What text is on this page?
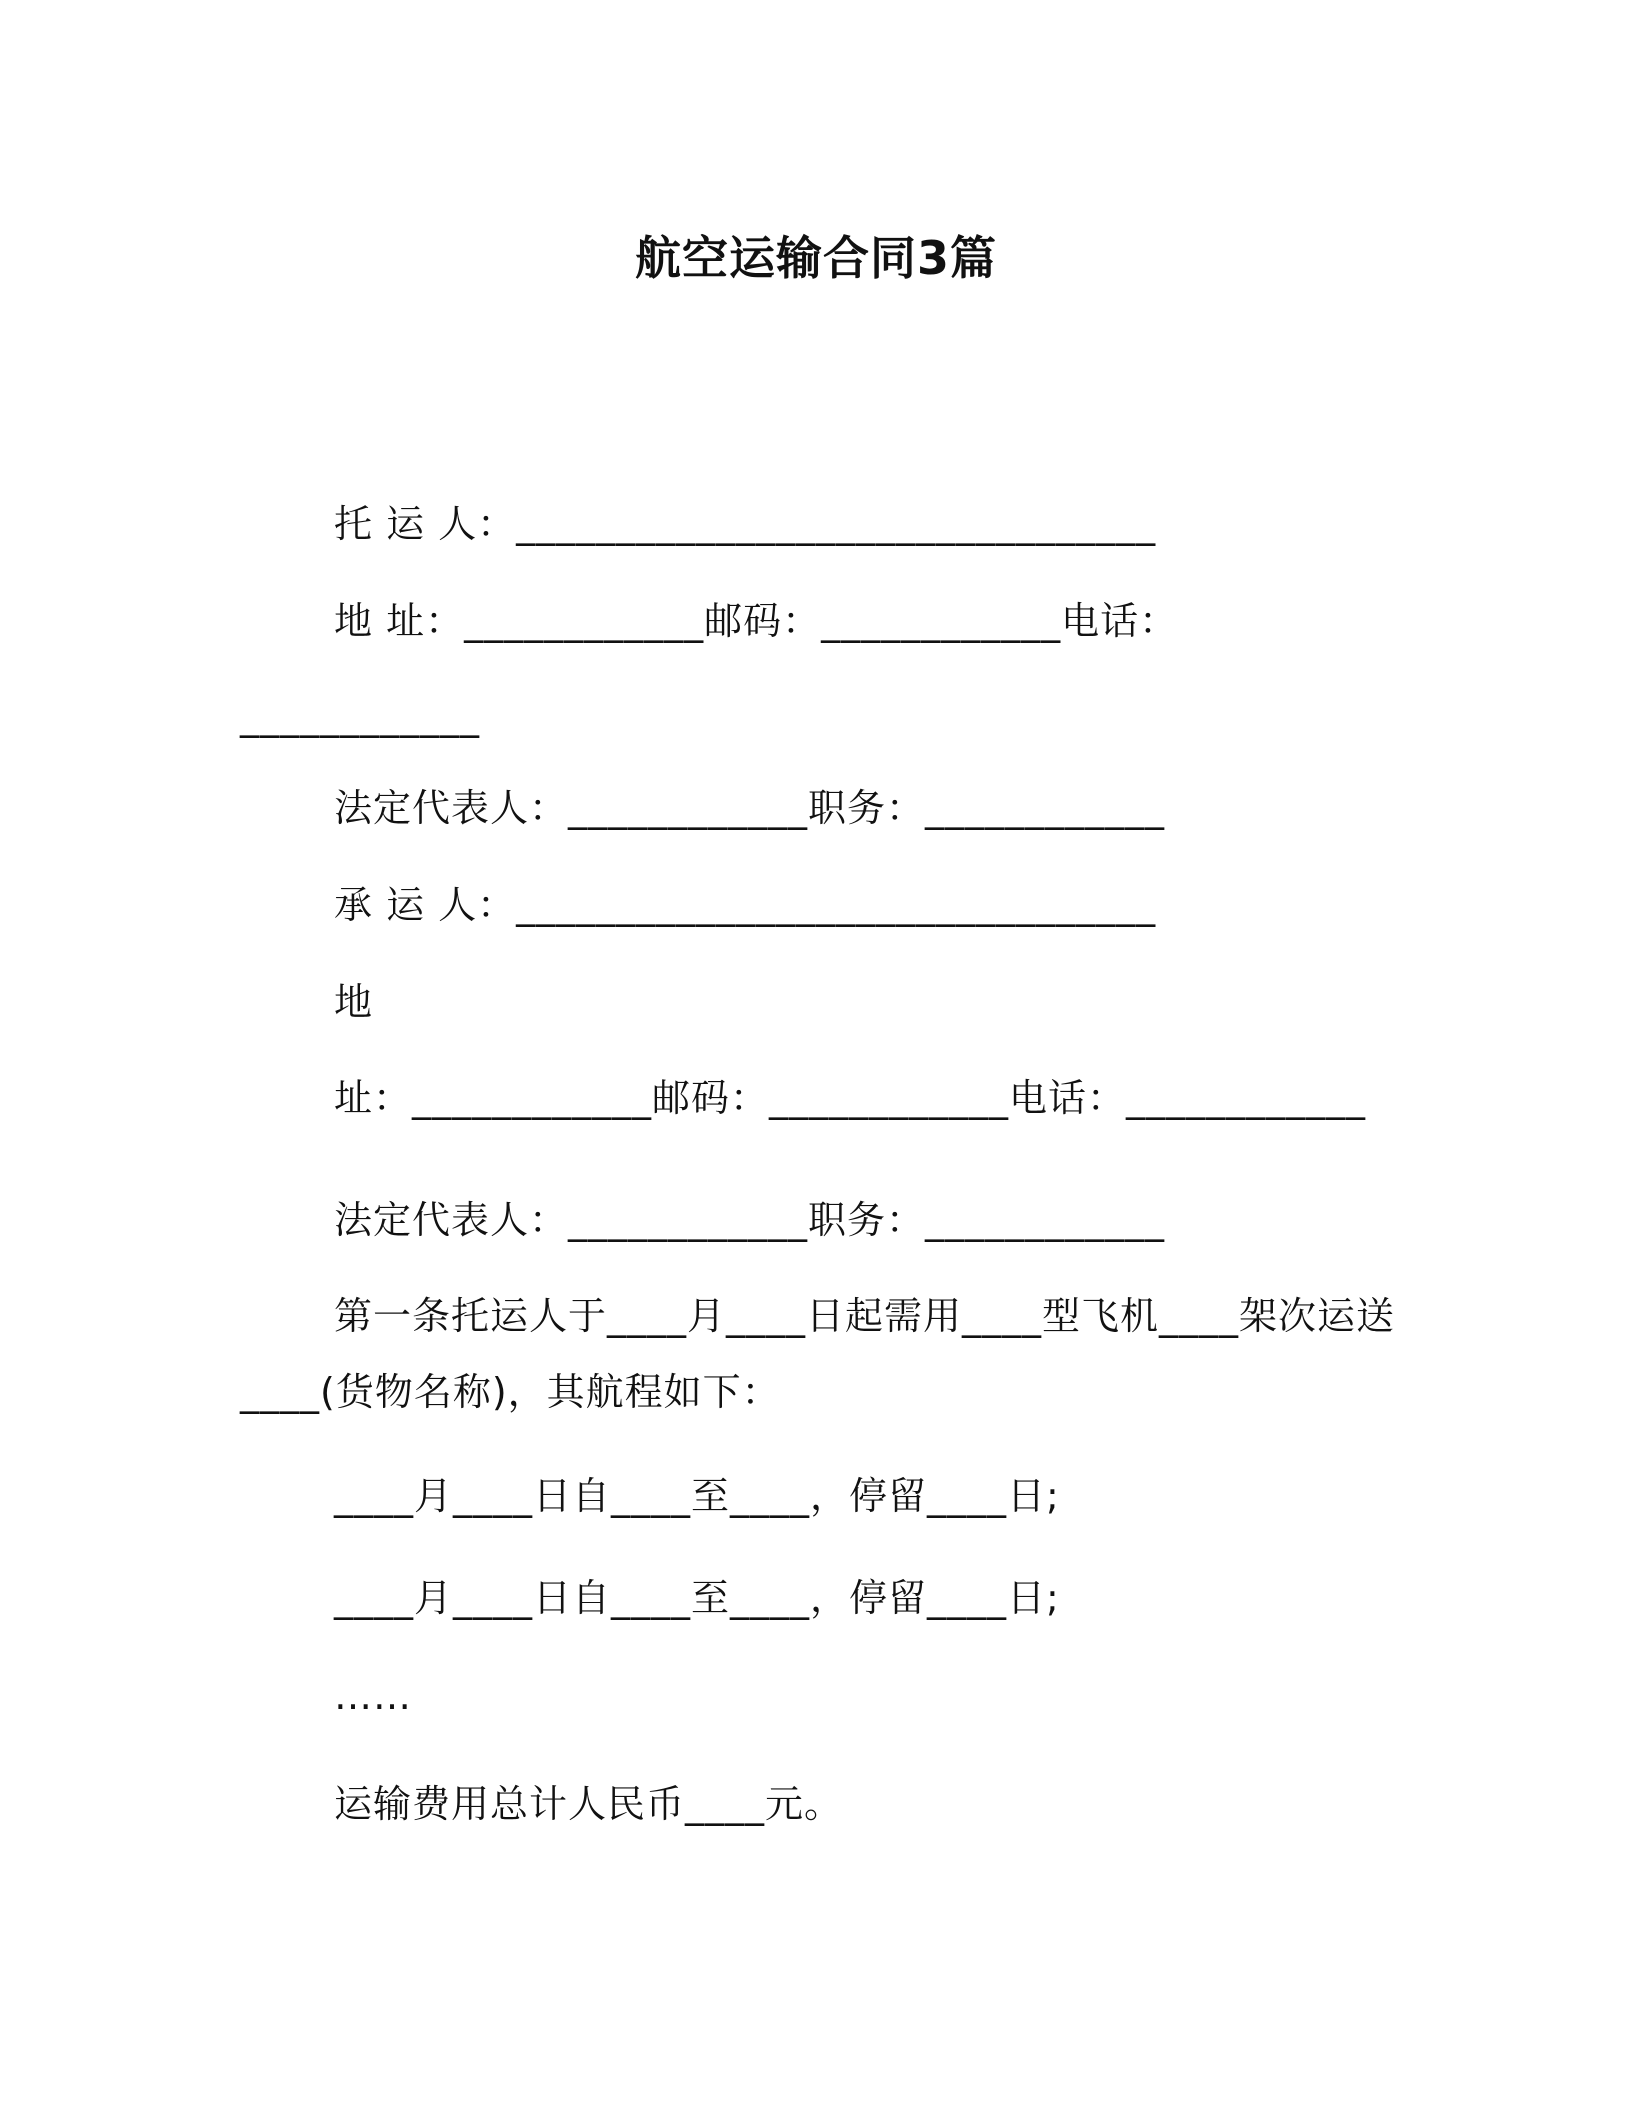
航空运输合同3篇
托 运 人：________________________________
地 址：____________邮码：____________电话：
____________
法定代表人：____________职务：____________
承 运 人：________________________________
地
址：____________邮码：____________电话：____________
法定代表人：____________职务：____________
第一条托运人于____月____日起需用____型飞机____架次运送
____(货物名称)，其航程如下：
____月____日自____至____，停留____日;
____月____日自____至____，停留____日;
……
运输费用总计人民币____元。
